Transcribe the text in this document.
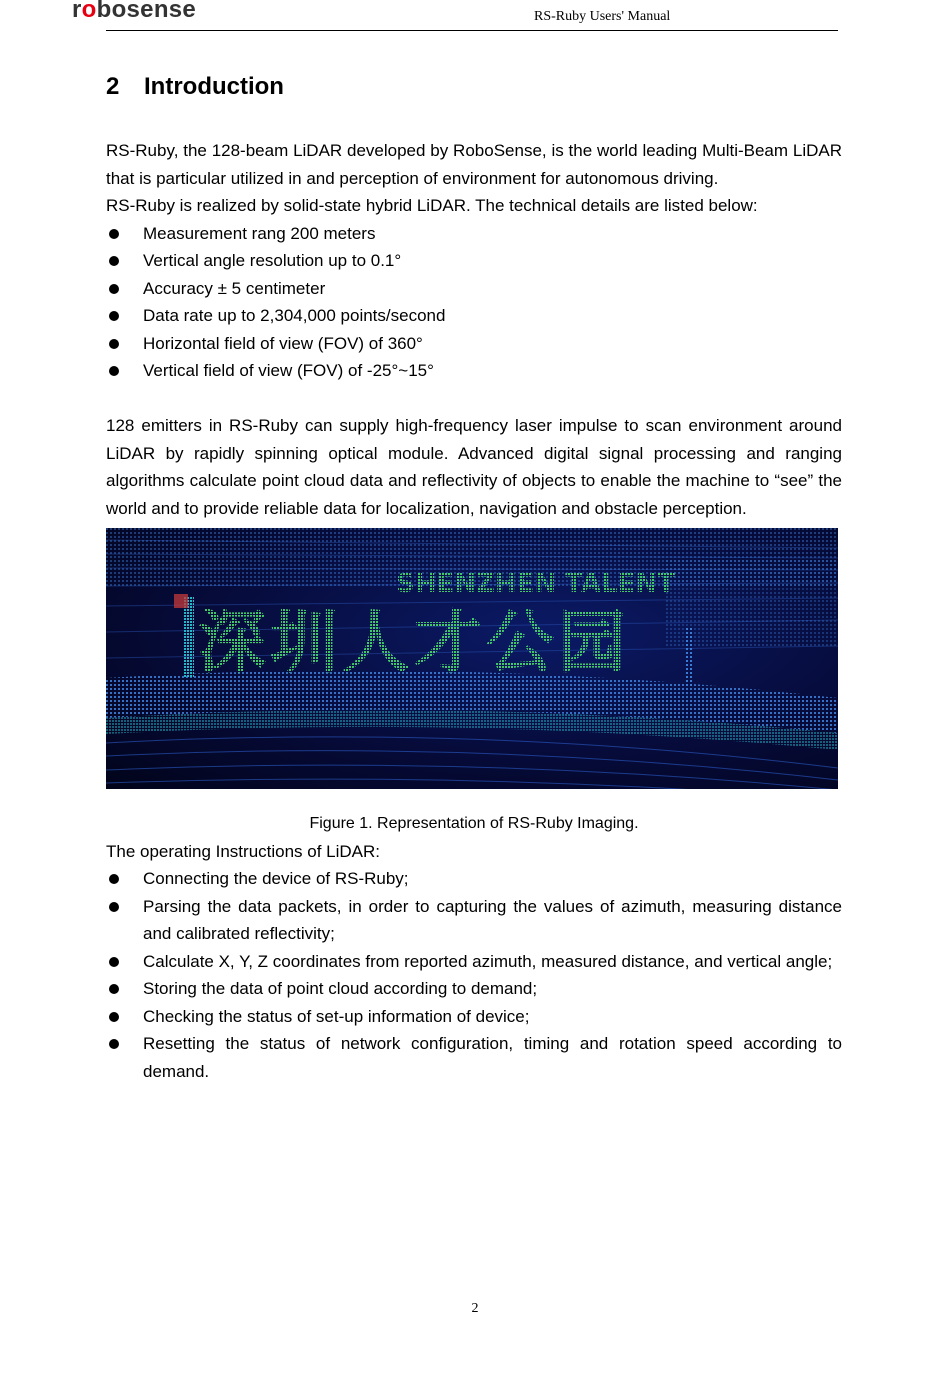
robosense	RS-Ruby Users' Manual
2 Introduction

RS-Ruby, the 128-beam LiDAR developed by RoboSense, is the world leading Multi-Beam LiDAR that is particular utilized in and perception of environment for autonomous driving.

RS-Ruby is realized by solid-state hybrid LiDAR. The technical details are listed below:

Measurement rang 200 meters
Vertical angle resolution up to 0.1°
Accuracy ± 5 centimeter
Data rate up to 2,304,000 points/second
Horizontal field of view (FOV) of 360°
Vertical field of view (FOV) of -25°~15°

128 emitters in RS-Ruby can supply high-frequency laser impulse to scan environment around LiDAR by rapidly spinning optical module. Advanced digital signal processing and ranging algorithms calculate point cloud data and reflectivity of objects to enable the machine to “see” the world and to provide reliable data for localization, navigation and obstacle perception.

SHENZHEN TALENT
深圳人才公园
Figure 1. Representation of RS-Ruby Imaging.

The operating Instructions of LiDAR:

Connecting the device of RS-Ruby;
Parsing the data packets, in order to capturing the values of azimuth, measuring distance and calibrated reflectivity;
Calculate X, Y, Z coordinates from reported azimuth, measured distance, and vertical angle;
Storing the data of point cloud according to demand;
Checking the status of set-up information of device;
Resetting the status of network configuration, timing and rotation speed according to demand.
2
